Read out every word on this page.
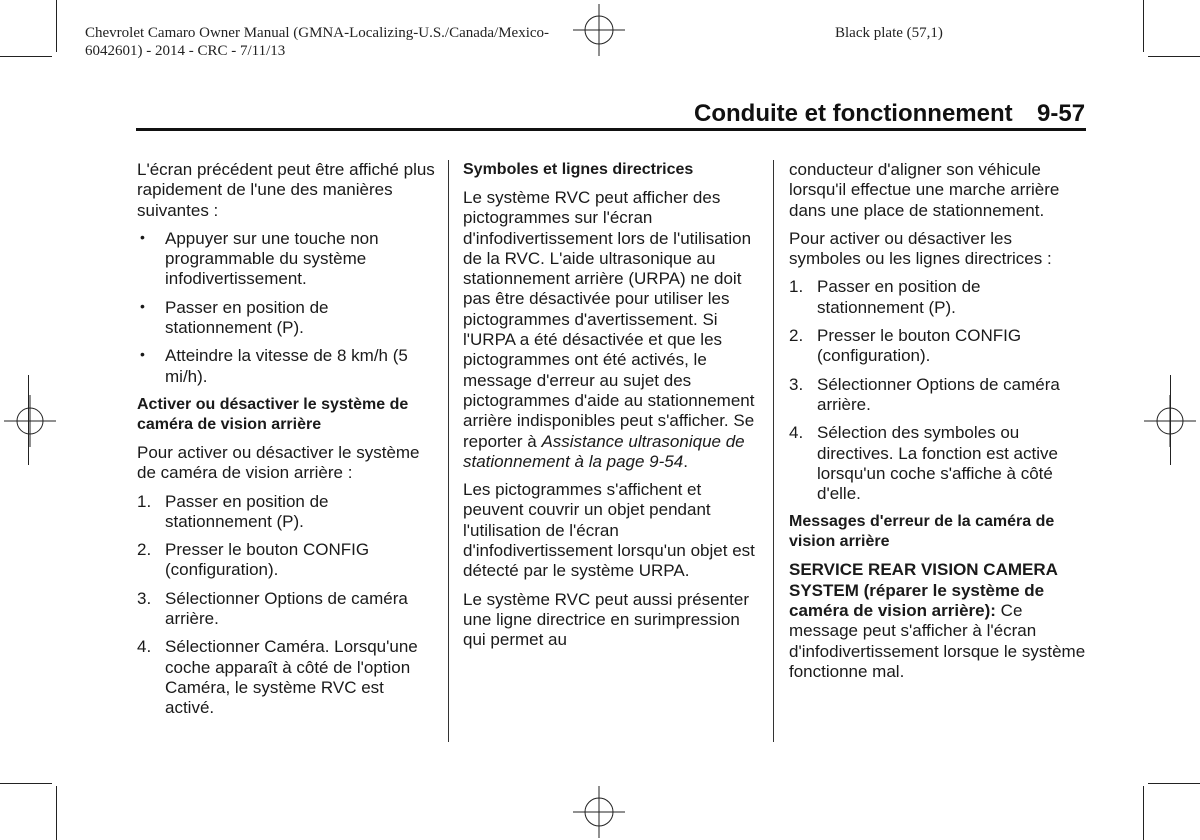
Chevrolet Camaro Owner Manual (GMNA-Localizing-U.S./Canada/Mexico-
6042601) - 2014 - CRC - 7/11/13
Black plate (57,1)
Conduite et fonctionnement 9-57

L'écran précédent peut être affiché plus rapidement de l'une des manières suivantes :

• Appuyer sur une touche non programmable du système infodivertissement.
• Passer en position de stationnement (P).
• Atteindre la vitesse de 8 km/h (5 mi/h).

Activer ou désactiver le système de caméra de vision arrière

Pour activer ou désactiver le système de caméra de vision arrière :

1. Passer en position de stationnement (P).
2. Presser le bouton CONFIG (configuration).
3. Sélectionner Options de caméra arrière.
4. Sélectionner Caméra. Lorsqu'une coche apparaît à côté de l'option Caméra, le système RVC est activé.

Symboles et lignes directrices

Le système RVC peut afficher des pictogrammes sur l'écran d'infodivertissement lors de l'utilisation de la RVC. L'aide ultrasonique au stationnement arrière (URPA) ne doit pas être désactivée pour utiliser les pictogrammes d'avertissement. Si l'URPA a été désactivée et que les pictogrammes ont été activés, le message d'erreur au sujet des pictogrammes d'aide au stationnement arrière indisponibles peut s'afficher. Se reporter à Assistance ultrasonique de stationnement à la page 9-54.

Les pictogrammes s'affichent et peuvent couvrir un objet pendant l'utilisation de l'écran d'infodivertissement lorsqu'un objet est détecté par le système URPA.

Le système RVC peut aussi présenter une ligne directrice en surimpression qui permet au

conducteur d'aligner son véhicule lorsqu'il effectue une marche arrière dans une place de stationnement.

Pour activer ou désactiver les symboles ou les lignes directrices :

1. Passer en position de stationnement (P).
2. Presser le bouton CONFIG (configuration).
3. Sélectionner Options de caméra arrière.
4. Sélection des symboles ou directives. La fonction est active lorsqu'un coche s'affiche à côté d'elle.

Messages d'erreur de la caméra de vision arrière

SERVICE REAR VISION CAMERA SYSTEM (réparer le système de caméra de vision arrière): Ce message peut s'afficher à l'écran d'infodivertissement lorsque le système fonctionne mal.
